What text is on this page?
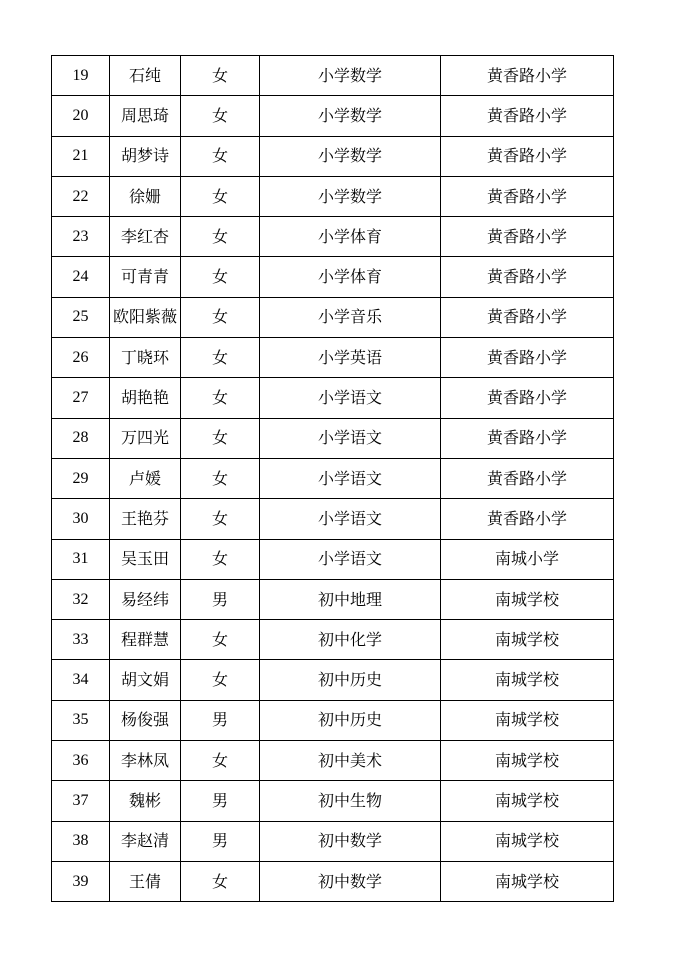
19	石纯	女	小学数学	黄香路小学
20	周思琦	女	小学数学	黄香路小学
21	胡梦诗	女	小学数学	黄香路小学
22	徐姗	女	小学数学	黄香路小学
23	李红杏	女	小学体育	黄香路小学
24	可青青	女	小学体育	黄香路小学
25	欧阳紫薇	女	小学音乐	黄香路小学
26	丁晓环	女	小学英语	黄香路小学
27	胡艳艳	女	小学语文	黄香路小学
28	万四光	女	小学语文	黄香路小学
29	卢媛	女	小学语文	黄香路小学
30	王艳芬	女	小学语文	黄香路小学
31	吴玉田	女	小学语文	南城小学
32	易经纬	男	初中地理	南城学校
33	程群慧	女	初中化学	南城学校
34	胡文娟	女	初中历史	南城学校
35	杨俊强	男	初中历史	南城学校
36	李林凤	女	初中美术	南城学校
37	魏彬	男	初中生物	南城学校
38	李赵清	男	初中数学	南城学校
39	王倩	女	初中数学	南城学校
